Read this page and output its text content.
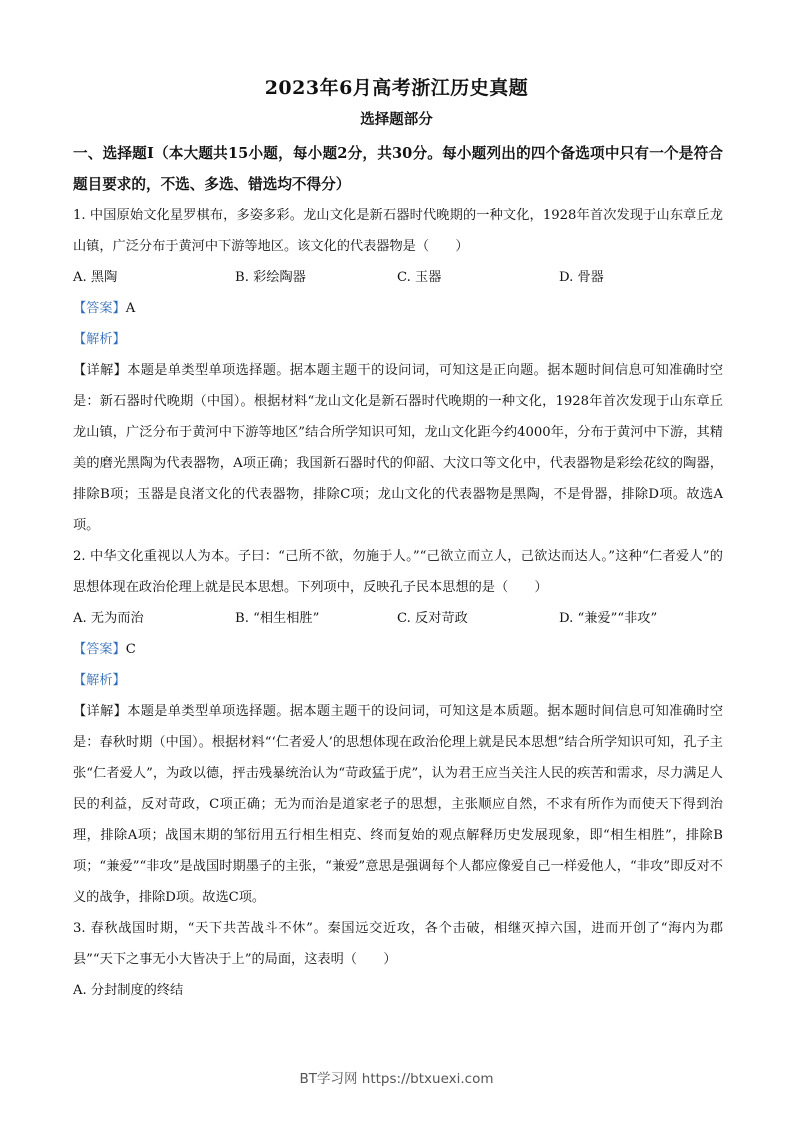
2023年6月高考浙江历史真题
选择题部分

一、选择题Ⅰ（本大题共15小题，每小题2分，共30分。每小题列出的四个备选项中只有一个是符合题目要求的，不选、多选、错选均不得分）

1. 中国原始文化星罗棋布，多姿多彩。龙山文化是新石器时代晚期的一种文化，1928年首次发现于山东章丘龙山镇，广泛分布于黄河中下游等地区。该文化的代表器物是（　　）

A. 黑陶	B. 彩绘陶器	C. 玉器	D. 骨器

【答案】A

【解析】

【详解】本题是单类型单项选择题。据本题主题干的设问词，可知这是正向题。据本题时间信息可知准确时空是：新石器时代晚期（中国）。根据材料“龙山文化是新石器时代晚期的一种文化，1928年首次发现于山东章丘龙山镇，广泛分布于黄河中下游等地区”结合所学知识可知，龙山文化距今约4000年，分布于黄河中下游，其精美的磨光黑陶为代表器物，A项正确；我国新石器时代的仰韶、大汶口等文化中，代表器物是彩绘花纹的陶器，排除B项；玉器是良渚文化的代表器物，排除C项；龙山文化的代表器物是黑陶，不是骨器，排除D项。故选A项。

2. 中华文化重视以人为本。子曰：“己所不欲，勿施于人。”“己欲立而立人，己欲达而达人。”这种“仁者爱人”的思想体现在政治伦理上就是民本思想。下列项中，反映孔子民本思想的是（　　）

A. 无为而治	B. “相生相胜”	C. 反对苛政	D. “兼爱”“非攻”

【答案】C

【解析】

【详解】本题是单类型单项选择题。据本题主题干的设问词，可知这是本质题。据本题时间信息可知准确时空是：春秋时期（中国）。根据材料“‘仁者爱人’的思想体现在政治伦理上就是民本思想”结合所学知识可知，孔子主张“仁者爱人”，为政以德，抨击残暴统治认为“苛政猛于虎”，认为君王应当关注人民的疾苦和需求，尽力满足人民的利益，反对苛政，C项正确；无为而治是道家老子的思想，主张顺应自然，不求有所作为而使天下得到治理，排除A项；战国末期的邹衍用五行相生相克、终而复始的观点解释历史发展现象，即“相生相胜”，排除B项；“兼爱”“非攻”是战国时期墨子的主张，“兼爱”意思是强调每个人都应像爱自己一样爱他人，“非攻”即反对不义的战争，排除D项。故选C项。

3. 春秋战国时期，“天下共苦战斗不休”。秦国远交近攻，各个击破，相继灭掉六国，进而开创了“海内为郡县”“天下之事无小大皆决于上”的局面，这表明（　　）

A. 分封制度的终结
BT学习网 https://btxuexi.com
